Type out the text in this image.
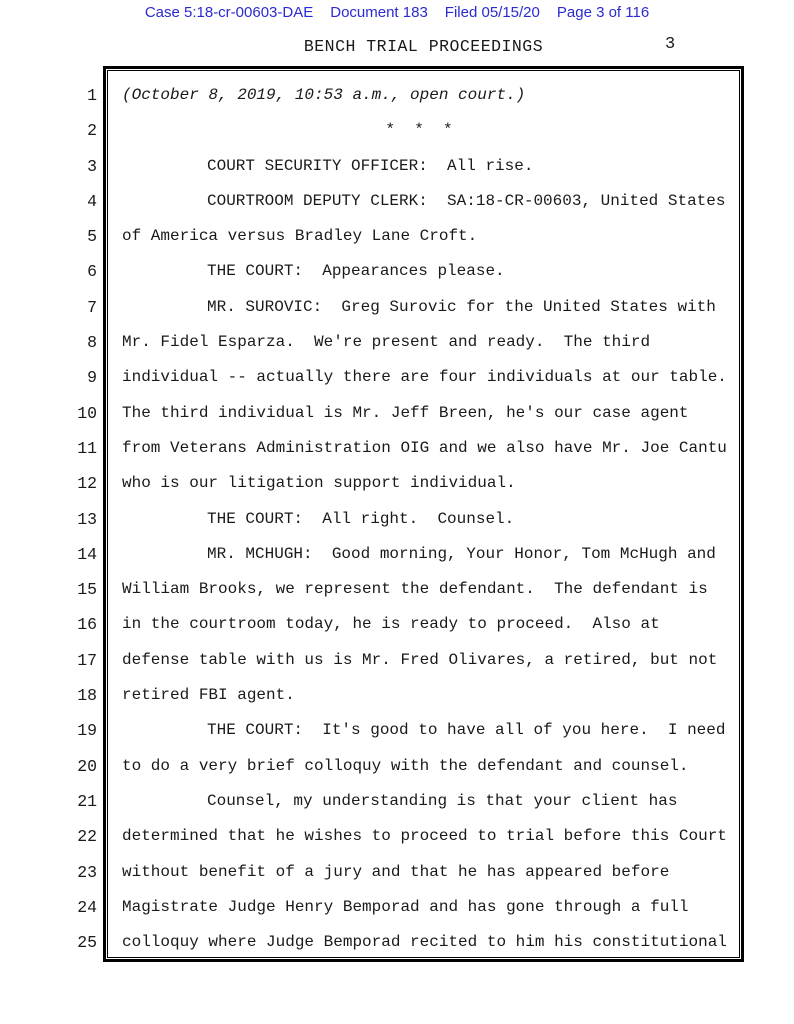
Case 5:18-cr-00603-DAE Document 183 Filed 05/15/20 Page 3 of 116
BENCH TRIAL PROCEEDINGS	3
1
2
3
4
5
6
7
8
9
10
11
12
13
14
15
16
17
18
19
20
21
22
23
24
25
(October 8, 2019, 10:53 a.m., open court.)
*  *  *
COURT SECURITY OFFICER:  All rise.
COURTROOM DEPUTY CLERK:  SA:18-CR-00603, United States
of America versus Bradley Lane Croft.
THE COURT:  Appearances please.
MR. SUROVIC:  Greg Surovic for the United States with
Mr. Fidel Esparza.  We're present and ready.  The third
individual -- actually there are four individuals at our table.
The third individual is Mr. Jeff Breen, he's our case agent
from Veterans Administration OIG and we also have Mr. Joe Cantu
who is our litigation support individual.
THE COURT:  All right.  Counsel.
MR. MCHUGH:  Good morning, Your Honor, Tom McHugh and
William Brooks, we represent the defendant.  The defendant is
in the courtroom today, he is ready to proceed.  Also at
defense table with us is Mr. Fred Olivares, a retired, but not
retired FBI agent.
THE COURT:  It's good to have all of you here.  I need
to do a very brief colloquy with the defendant and counsel.
Counsel, my understanding is that your client has
determined that he wishes to proceed to trial before this Court
without benefit of a jury and that he has appeared before
Magistrate Judge Henry Bemporad and has gone through a full
colloquy where Judge Bemporad recited to him his constitutional
